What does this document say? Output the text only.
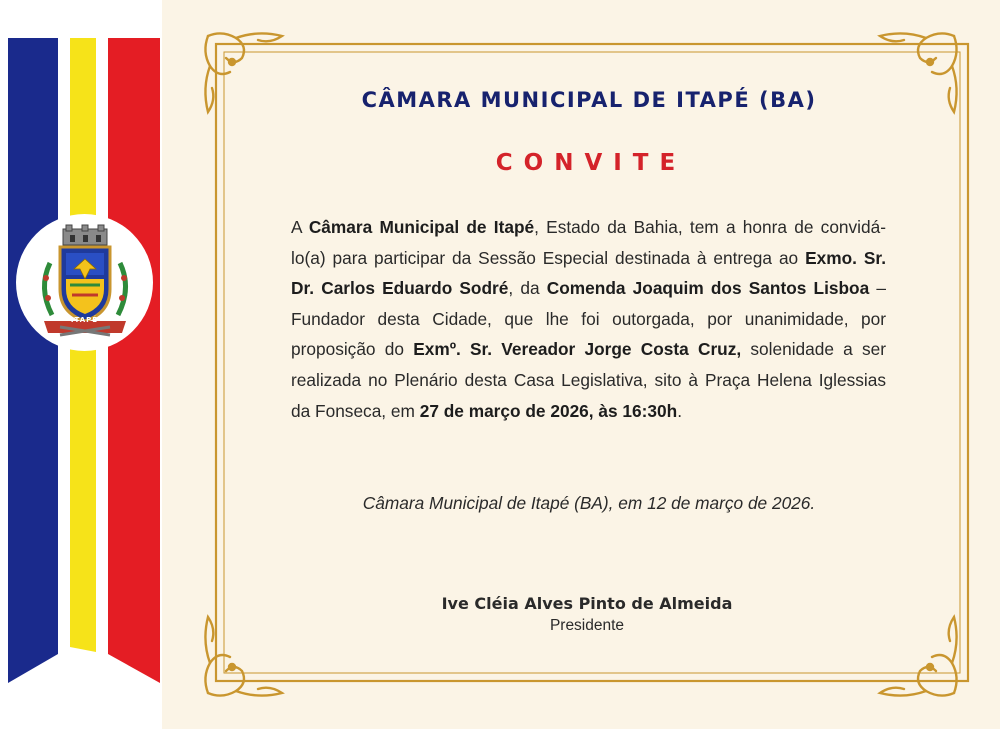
ITAPÉ
CÂMARA MUNICIPAL DE ITAPÉ (BA)
CONVITE

A Câmara Municipal de Itapé, Estado da Bahia, tem a honra de convidá-lo(a) para participar da Sessão Especial destinada à entrega ao Exmo. Sr. Dr. Carlos Eduardo Sodré, da Comenda Joaquim dos Santos Lisboa – Fundador desta Cidade, que lhe foi outorgada, por unanimidade, por proposição do Exmº. Sr. Vereador Jorge Costa Cruz, solenidade a ser realizada no Plenário desta Casa Legislativa, sito à Praça Helena Iglessias da Fonseca, em 27 de março de 2026, às 16:30h.

Câmara Municipal de Itapé (BA), em 12 de março de 2026.
Ive Cléia Alves Pinto de Almeida
Presidente
